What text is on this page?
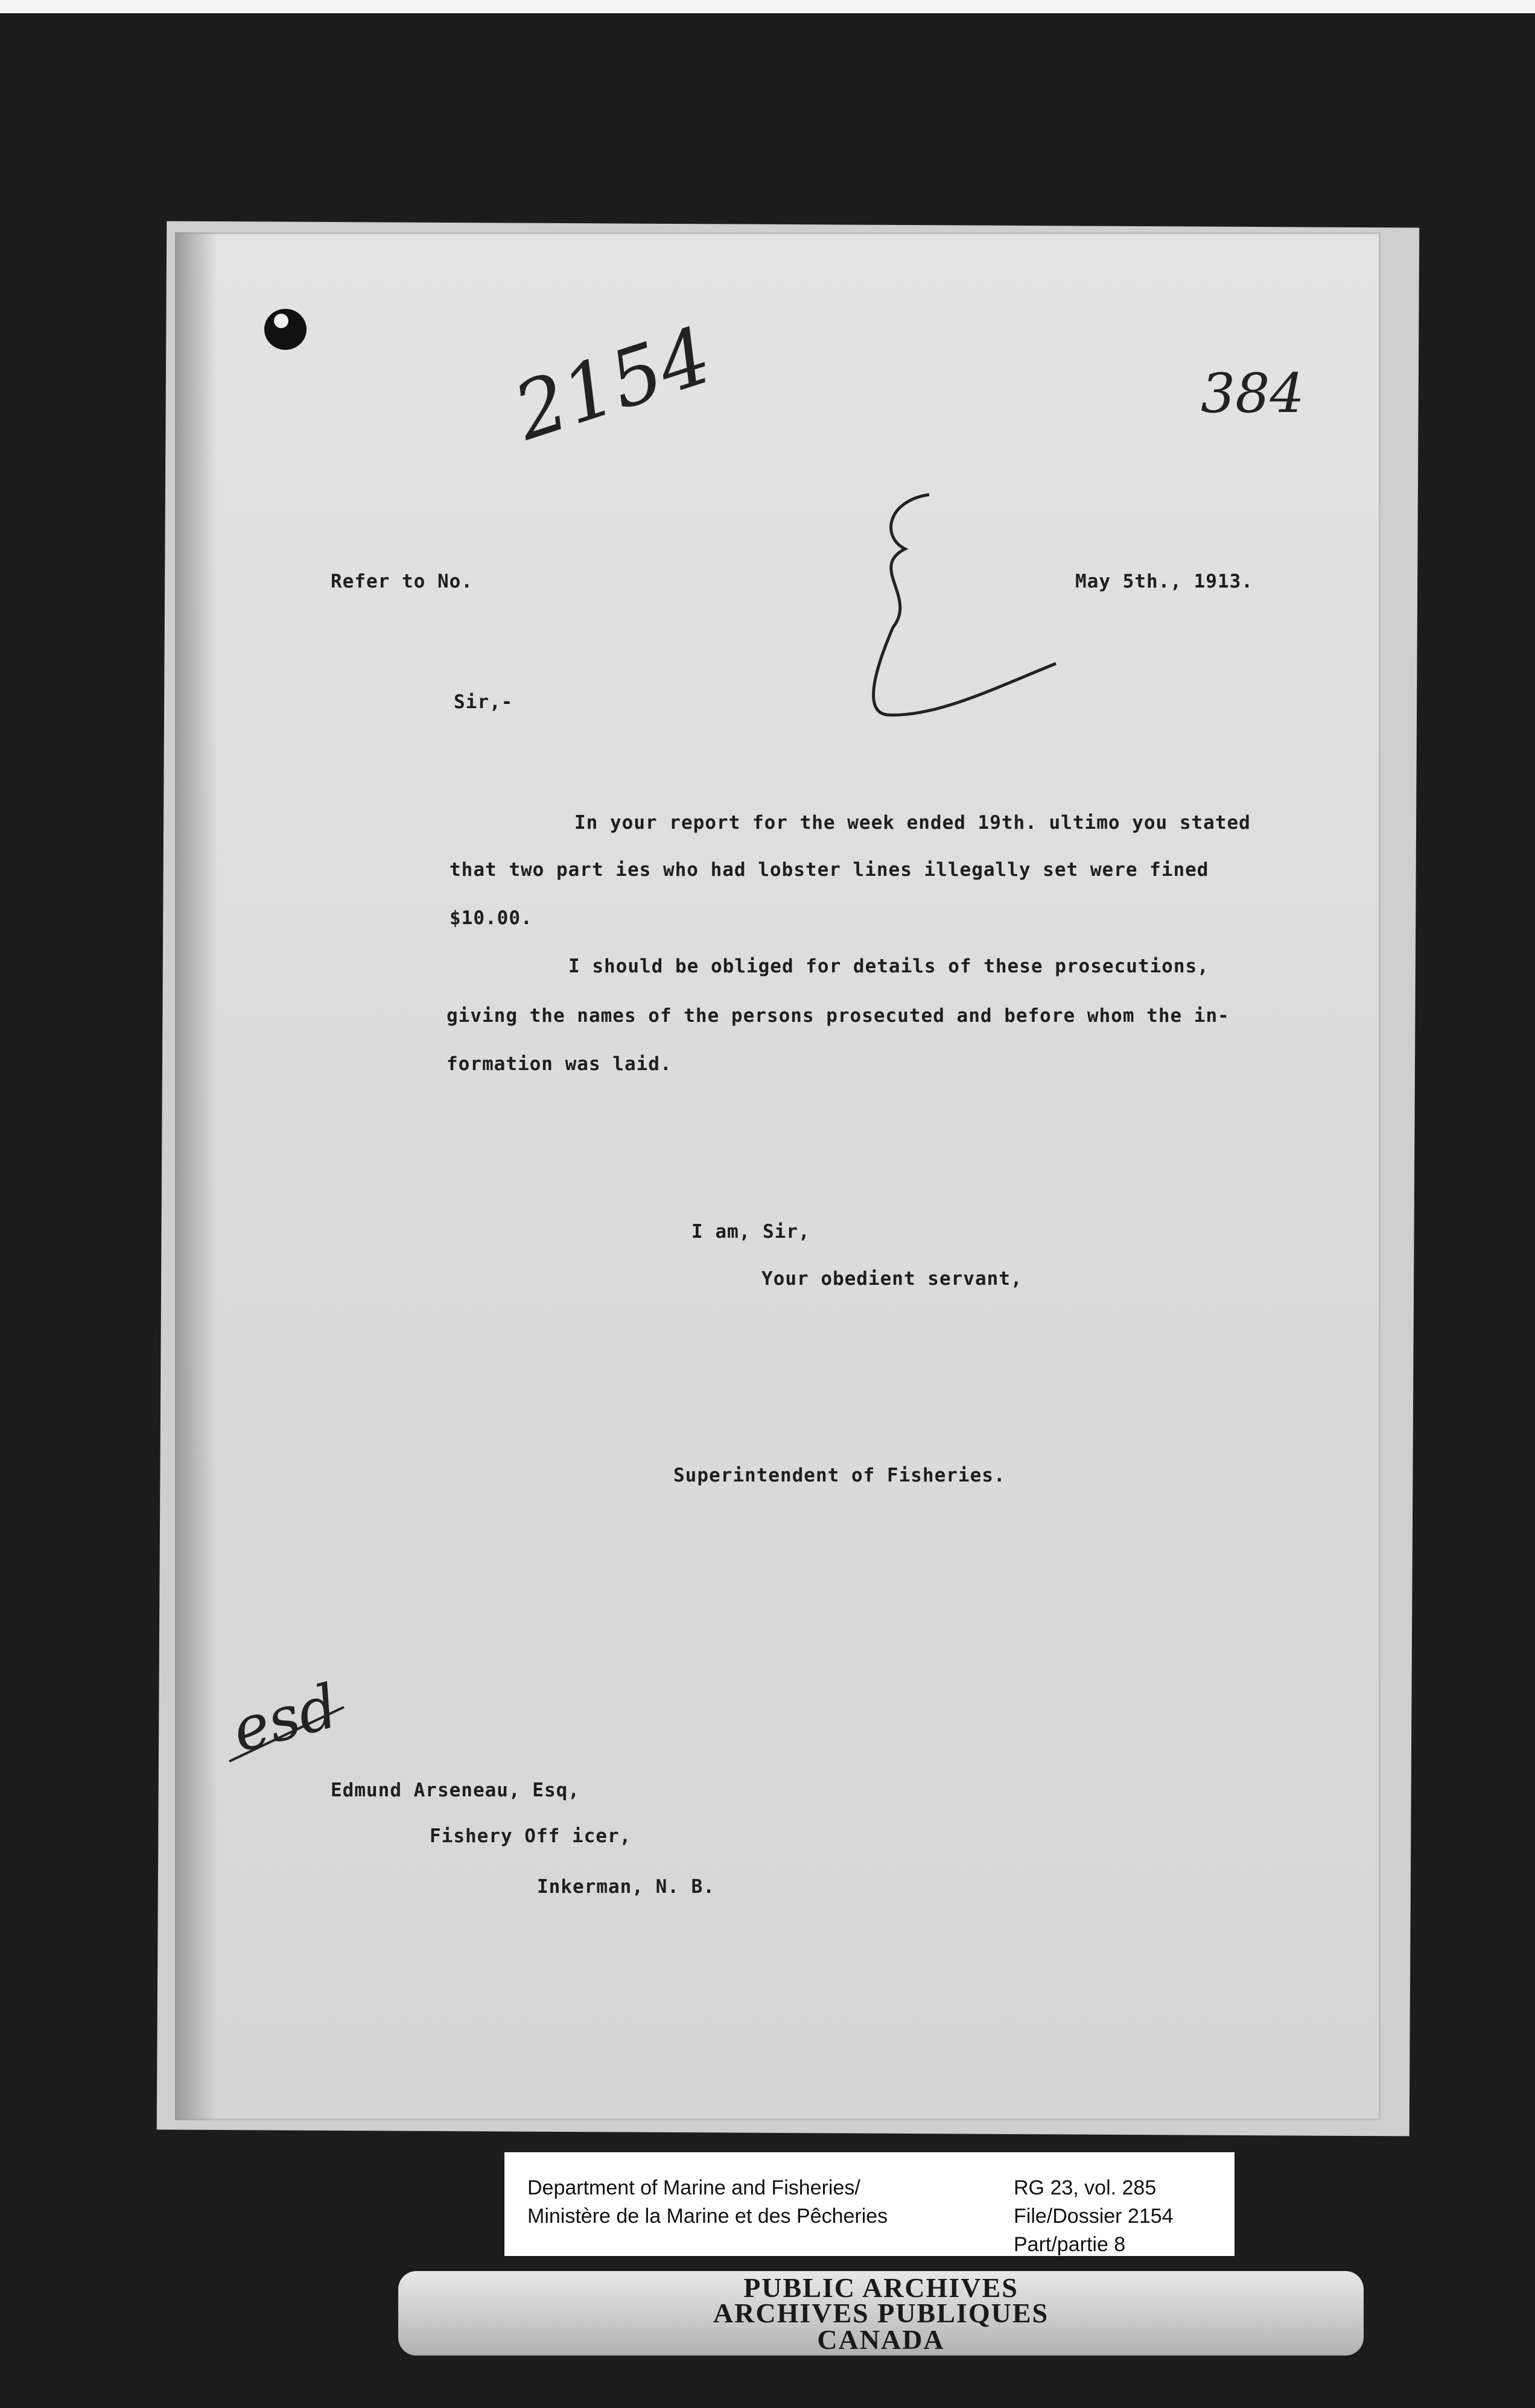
2154	384
esd
Refer to No.	May 5th., 1913.
Sir,-
In your report for the week ended 19th. ultimo you stated
that two part ies who had lobster lines illegally set were fined
$10.00.
I should be obliged for details of these prosecutions,
giving the names of the persons prosecuted and before whom the in-
formation was laid.
I am, Sir,
Your obedient servant,
Superintendent of Fisheries.
Edmund Arseneau, Esq,
Fishery Off icer,
Inkerman, N. B.
Department of Marine and Fisheries/
Ministère de la Marine et des Pêcheries
RG 23, vol. 285
File/Dossier 2154
Part/partie 8
PUBLIC ARCHIVES
ARCHIVES PUBLIQUES
CANADA
